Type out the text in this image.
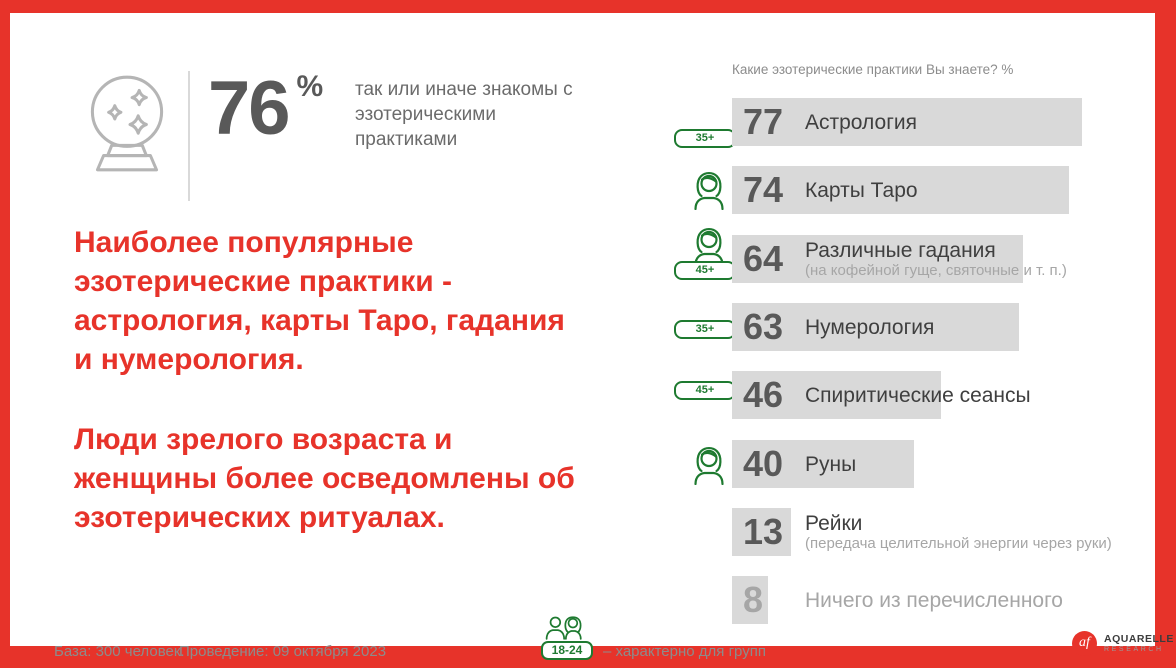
76 % так или иначе знакомы с эзотерическими практиками

Наиболее популярные эзотерические практики - астрология, карты Таро, гадания и нумерология.

Люди зрелого возраста и женщины более осведомлены об эзотерических ритуалах.

Какие эзотерические практики Вы знаете? %
35+ 77 Астрология
74 Карты Таро
45+ 64 Различные гадания
(на кофейной гуще, святочные и т. п.)
35+ 63 Нумерология
45+ 46 Спиритические сеансы
40 Руны
13 Рейки
(передача целительной энергии через руки)
8 Ничего из перечисленного
База: 300 человек.
Проведение: 09 октября 2023	18-24	– характерно для групп
af	AQUARELLE
RESEARCH
